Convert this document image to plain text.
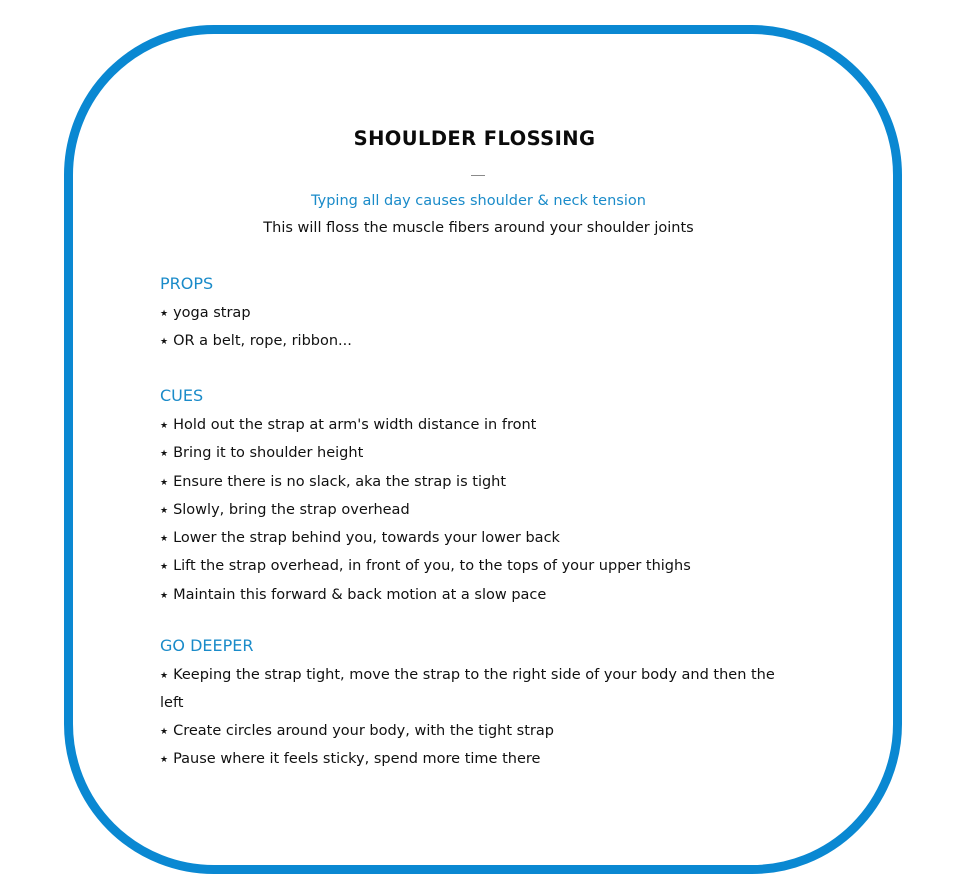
SHOULDER FLOSSING
Typing all day causes shoulder & neck tension
This will floss the muscle fibers around your shoulder joints
PROPS
★ yoga strap
★ OR a belt, rope, ribbon...
CUES
★ Hold out the strap at arm's width distance in front
★ Bring it to shoulder height
★ Ensure there is no slack, aka the strap is tight
★ Slowly, bring the strap overhead
★ Lower the strap behind you, towards your lower back
★ Lift the strap overhead, in front of you, to the tops of your upper thighs
★ Maintain this forward & back motion at a slow pace
GO DEEPER
★ Keeping the strap tight, move the strap to the right side of your body and then the left
★ Create circles around your body, with the tight strap
★ Pause where it feels sticky, spend more time there
